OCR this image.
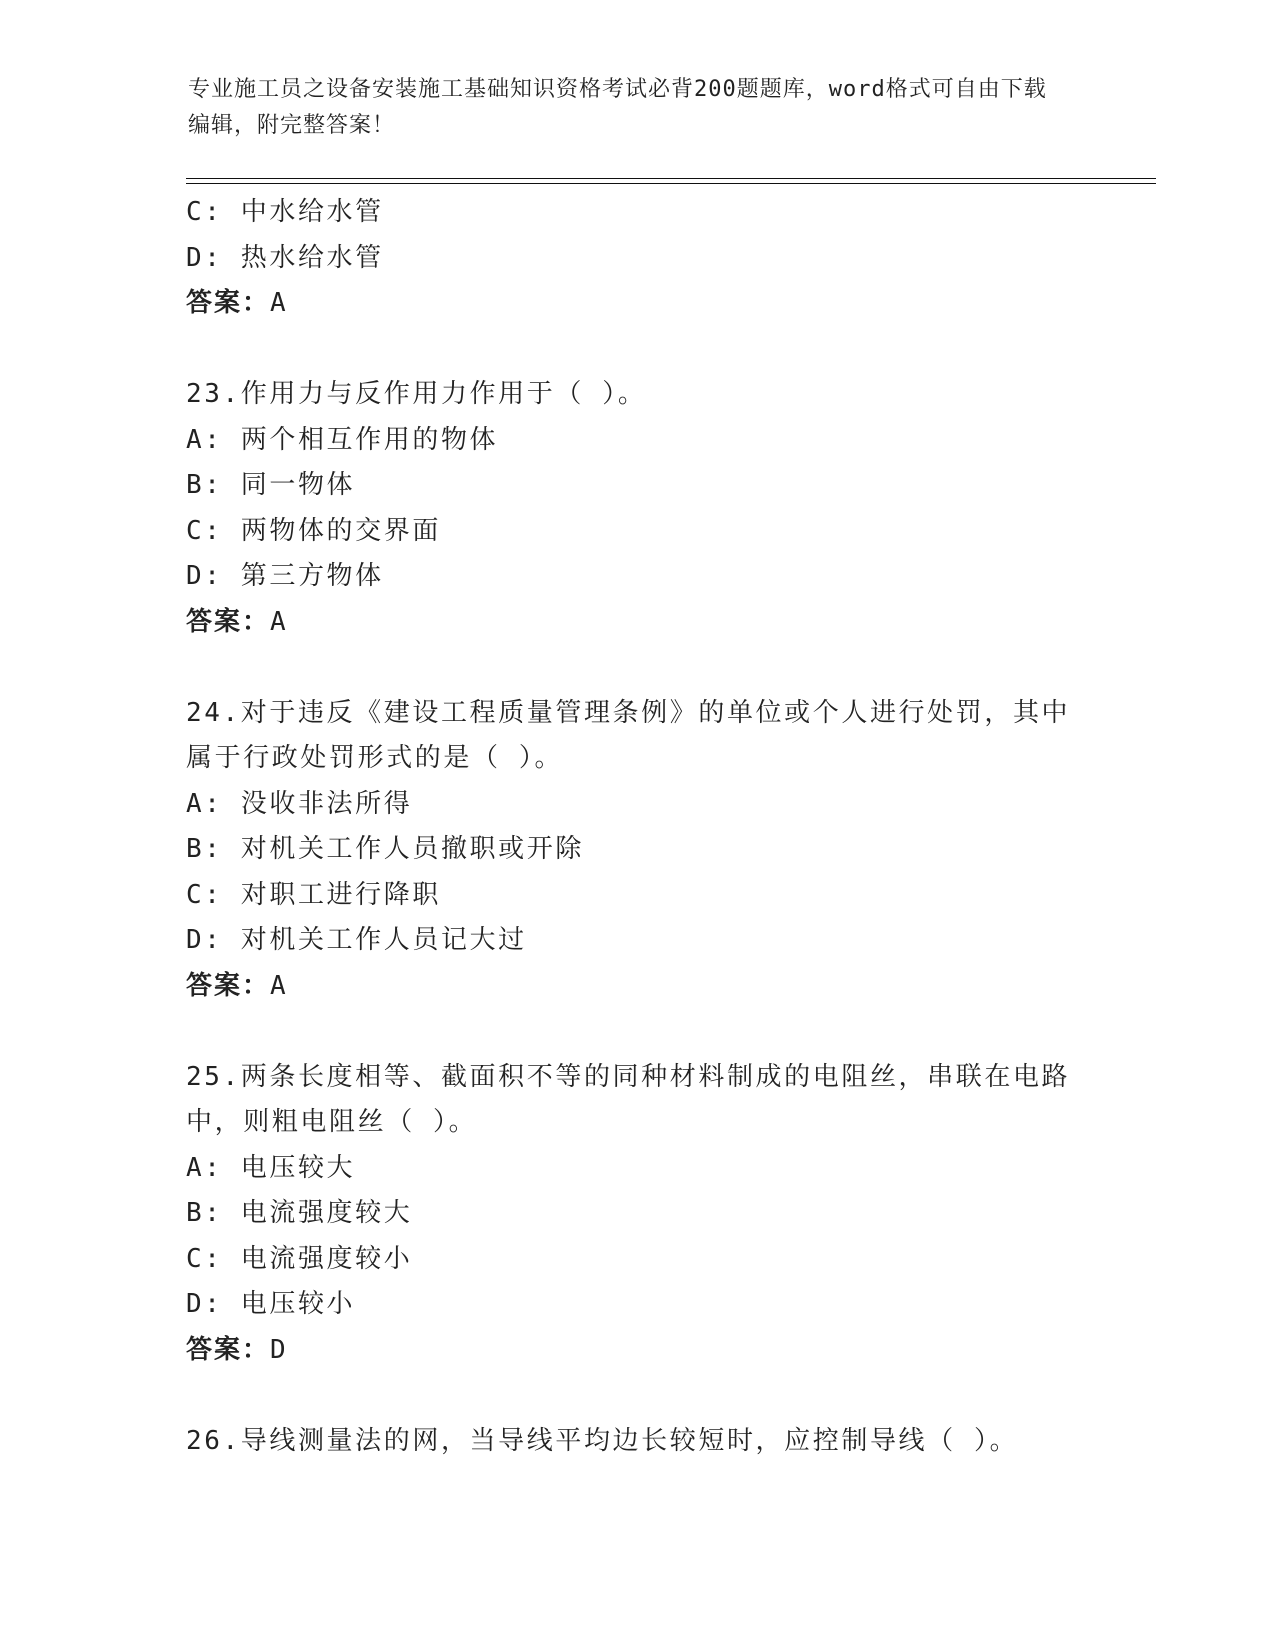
专业施工员之设备安装施工基础知识资格考试必背200题题库，word格式可自由下载编辑，附完整答案！
C: 中水给水管
D: 热水给水管
答案：A
23.作用力与反作用力作用于（ ）。
A: 两个相互作用的物体
B: 同一物体
C: 两物体的交界面
D: 第三方物体
答案：A
24.对于违反《建设工程质量管理条例》的单位或个人进行处罚，其中属于行政处罚形式的是（ ）。
A: 没收非法所得
B: 对机关工作人员撤职或开除
C: 对职工进行降职
D: 对机关工作人员记大过
答案：A
25.两条长度相等、截面积不等的同种材料制成的电阻丝，串联在电路中，则粗电阻丝（ ）。
A: 电压较大
B: 电流强度较大
C: 电流强度较小
D: 电压较小
答案：D
26.导线测量法的网，当导线平均边长较短时，应控制导线（ ）。
